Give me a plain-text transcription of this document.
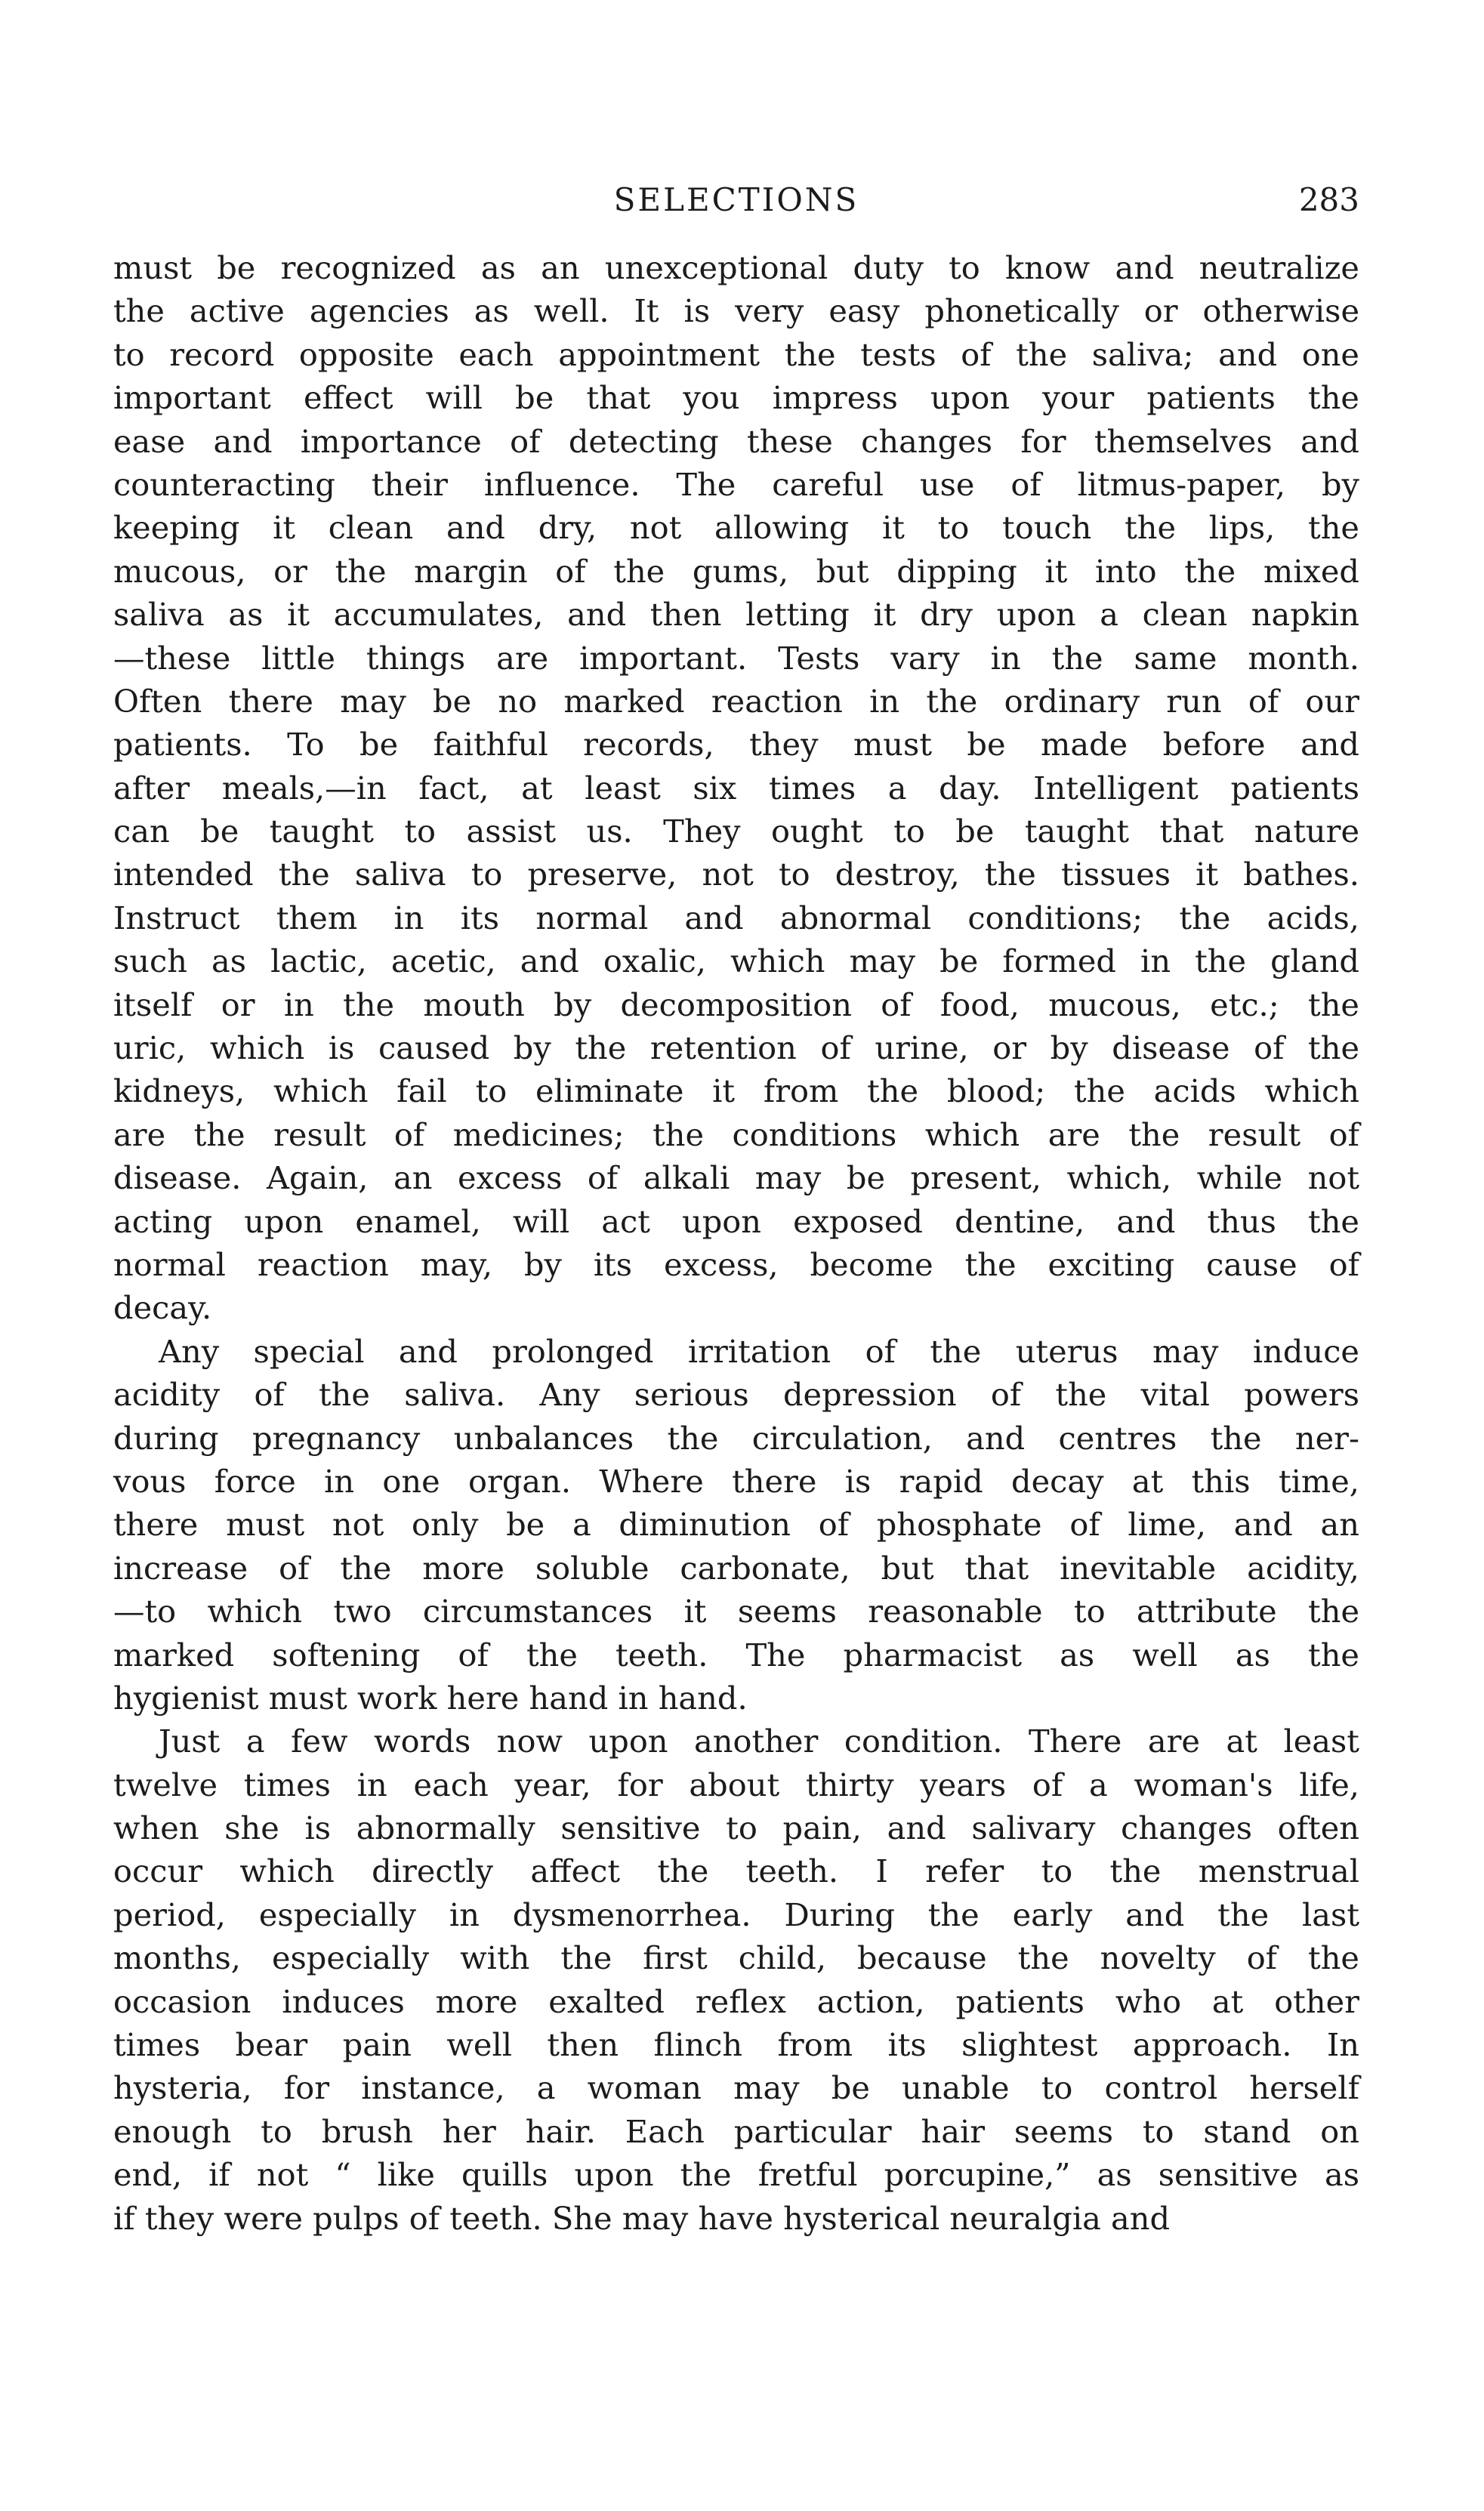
SELECTIONS	283
must be recognized as an unexceptional duty to know and neutralize
the active agencies as well. It is very easy phonetically or otherwise
to record opposite each appointment the tests of the saliva; and one
important effect will be that you impress upon your patients the
ease and importance of detecting these changes for themselves and
counteracting their influence. The careful use of litmus-paper, by
keeping it clean and dry, not allowing it to touch the lips, the
mucous, or the margin of the gums, but dipping it into the mixed
saliva as it accumulates, and then letting it dry upon a clean napkin
—these little things are important. Tests vary in the same month.
Often there may be no marked reaction in the ordinary run of our
patients. To be faithful records, they must be made before and
after meals,—in fact, at least six times a day. Intelligent patients
can be taught to assist us. They ought to be taught that nature
intended the saliva to preserve, not to destroy, the tissues it bathes.
Instruct them in its normal and abnormal conditions; the acids,
such as lactic, acetic, and oxalic, which may be formed in the gland
itself or in the mouth by decomposition of food, mucous, etc.; the
uric, which is caused by the retention of urine, or by disease of the
kidneys, which fail to eliminate it from the blood; the acids which
are the result of medicines; the conditions which are the result of
disease. Again, an excess of alkali may be present, which, while not
acting upon enamel, will act upon exposed dentine, and thus the
normal reaction may, by its excess, become the exciting cause of
decay.
Any special and prolonged irritation of the uterus may induce
acidity of the saliva. Any serious depression of the vital powers
during pregnancy unbalances the circulation, and centres the ner-
vous force in one organ. Where there is rapid decay at this time,
there must not only be a diminution of phosphate of lime, and an
increase of the more soluble carbonate, but that inevitable acidity,
—to which two circumstances it seems reasonable to attribute the
marked softening of the teeth. The pharmacist as well as the
hygienist must work here hand in hand.
Just a few words now upon another condition. There are at least
twelve times in each year, for about thirty years of a woman's life,
when she is abnormally sensitive to pain, and salivary changes often
occur which directly affect the teeth. I refer to the menstrual
period, especially in dysmenorrhea. During the early and the last
months, especially with the first child, because the novelty of the
occasion induces more exalted reflex action, patients who at other
times bear pain well then flinch from its slightest approach. In
hysteria, for instance, a woman may be unable to control herself
enough to brush her hair. Each particular hair seems to stand on
end, if not “ like quills upon the fretful porcupine,” as sensitive as
if they were pulps of teeth. She may have hysterical neuralgia and
